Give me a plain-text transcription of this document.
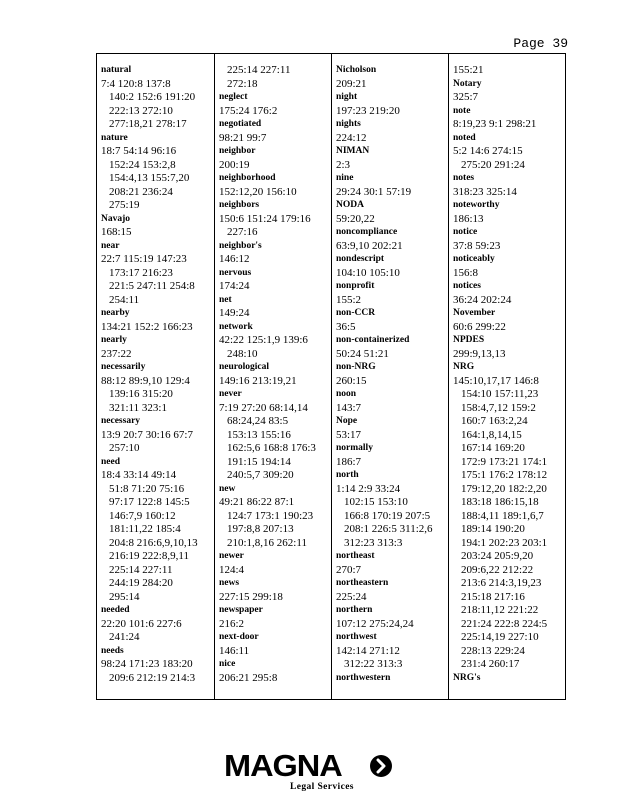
Page 39
natural
7:4 120:8 137:8
140:2 152:6 191:20
222:13 272:10
277:18,21 278:17
nature
18:7 54:14 96:16
152:24 153:2,8
154:4,13 155:7,20
208:21 236:24
275:19
Navajo
168:15
near
22:7 115:19 147:23
173:17 216:23
221:5 247:11 254:8
254:11
nearby
134:21 152:2 166:23
nearly
237:22
necessarily
88:12 89:9,10 129:4
139:16 315:20
321:11 323:1
necessary
13:9 20:7 30:16 67:7
257:10
need
18:4 33:14 49:14
51:8 71:20 75:16
97:17 122:8 145:5
146:7,9 160:12
181:11,22 185:4
204:8 216:6,9,10,13
216:19 222:8,9,11
225:14 227:11
244:19 284:20
295:14
needed
22:20 101:6 227:6
241:24
needs
98:24 171:23 183:20
209:6 212:19 214:3
225:14 227:11
272:18
neglect
175:24 176:2
negotiated
98:21 99:7
neighbor
200:19
neighborhood
152:12,20 156:10
neighbors
150:6 151:24 179:16
227:16
neighbor's
146:12
nervous
174:24
net
149:24
network
42:22 125:1,9 139:6
248:10
neurological
149:16 213:19,21
never
7:19 27:20 68:14,14
68:24,24 83:5
153:13 155:16
162:5,6 168:8 176:3
191:15 194:14
240:5,7 309:20
new
49:21 86:22 87:1
124:7 173:1 190:23
197:8,8 207:13
210:1,8,16 262:11
newer
124:4
news
227:15 299:18
newspaper
216:2
next-door
146:11
nice
206:21 295:8
Nicholson
209:21
night
197:23 219:20
nights
224:12
NIMAN
2:3
nine
29:24 30:1 57:19
NODA
59:20,22
noncompliance
63:9,10 202:21
nondescript
104:10 105:10
nonprofit
155:2
non-CCR
36:5
non-containerized
50:24 51:21
non-NRG
260:15
noon
143:7
Nope
53:17
normally
186:7
north
1:14 2:9 33:24
102:15 153:10
166:8 170:19 207:5
208:1 226:5 311:2,6
312:23 313:3
northeast
270:7
northeastern
225:24
northern
107:12 275:24,24
northwest
142:14 271:12
312:22 313:3
northwestern
155:21
Notary
325:7
note
8:19,23 9:1 298:21
noted
5:2 14:6 274:15
275:20 291:24
notes
318:23 325:14
noteworthy
186:13
notice
37:8 59:23
noticeably
156:8
notices
36:24 202:24
November
60:6 299:22
NPDES
299:9,13,13
NRG
145:10,17,17 146:8
154:10 157:11,23
158:4,7,12 159:2
160:7 163:2,24
164:1,8,14,15
167:14 169:20
172:9 173:21 174:1
175:1 176:2 178:12
179:12,20 182:2,20
183:18 186:15,18
188:4,11 189:1,6,7
189:14 190:20
194:1 202:23 203:1
203:24 205:9,20
209:6,22 212:22
213:6 214:3,19,23
215:18 217:16
218:11,12 221:22
221:24 222:8 224:5
225:14,19 227:10
228:13 229:24
231:4 260:17
NRG's
MAGNA
Legal Services
